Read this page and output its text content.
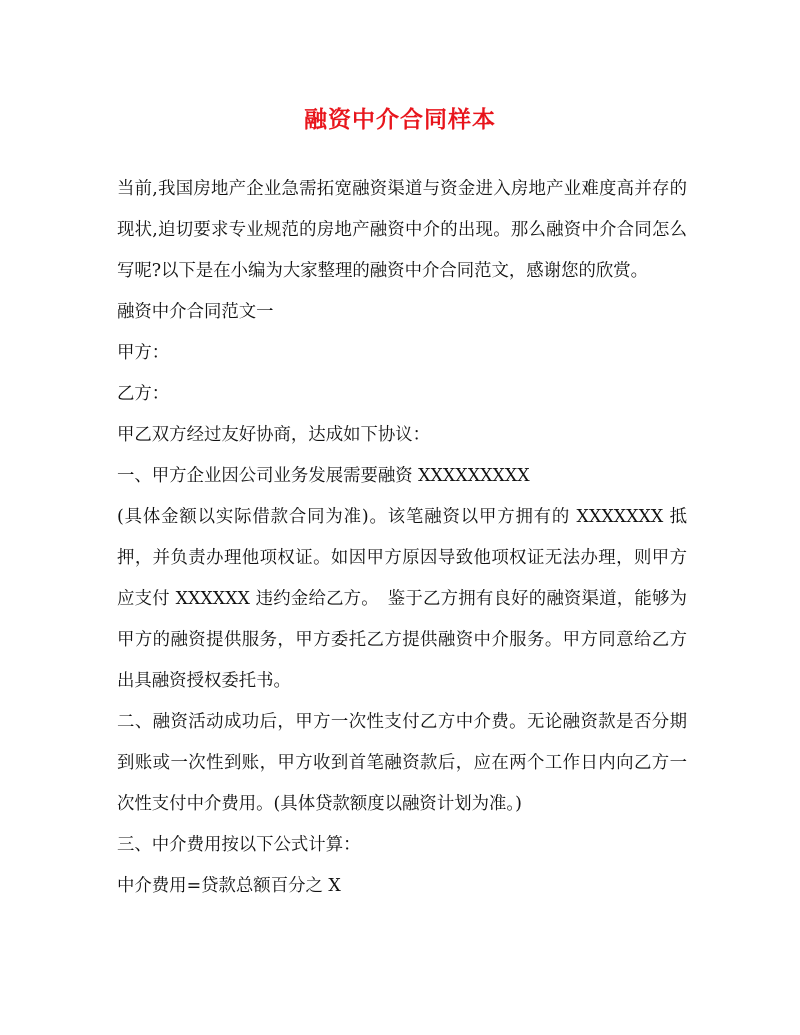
融资中介合同样本

当前,我国房地产企业急需拓宽融资渠道与资金进入房地产业难度高并存的现状,迫切要求专业规范的房地产融资中介的出现。那么融资中介合同怎么写呢?以下是在小编为大家整理的融资中介合同范文，感谢您的欣赏。

融资中介合同范文一

甲方：

乙方：

甲乙双方经过友好协商，达成如下协议：

一、甲方企业因公司业务发展需要融资 XXXXXXXXX

(具体金额以实际借款合同为准)。该笔融资以甲方拥有的 XXXXXXX 抵押，并负责办理他项权证。如因甲方原因导致他项权证无法办理，则甲方应支付 XXXXXX 违约金给乙方。　鉴于乙方拥有良好的融资渠道，能够为甲方的融资提供服务，甲方委托乙方提供融资中介服务。甲方同意给乙方出具融资授权委托书。

二、融资活动成功后，甲方一次性支付乙方中介费。无论融资款是否分期到账或一次性到账，甲方收到首笔融资款后，应在两个工作日内向乙方一次性支付中介费用。(具体贷款额度以融资计划为准。)

三、中介费用按以下公式计算：

中介费用=贷款总额百分之 X
